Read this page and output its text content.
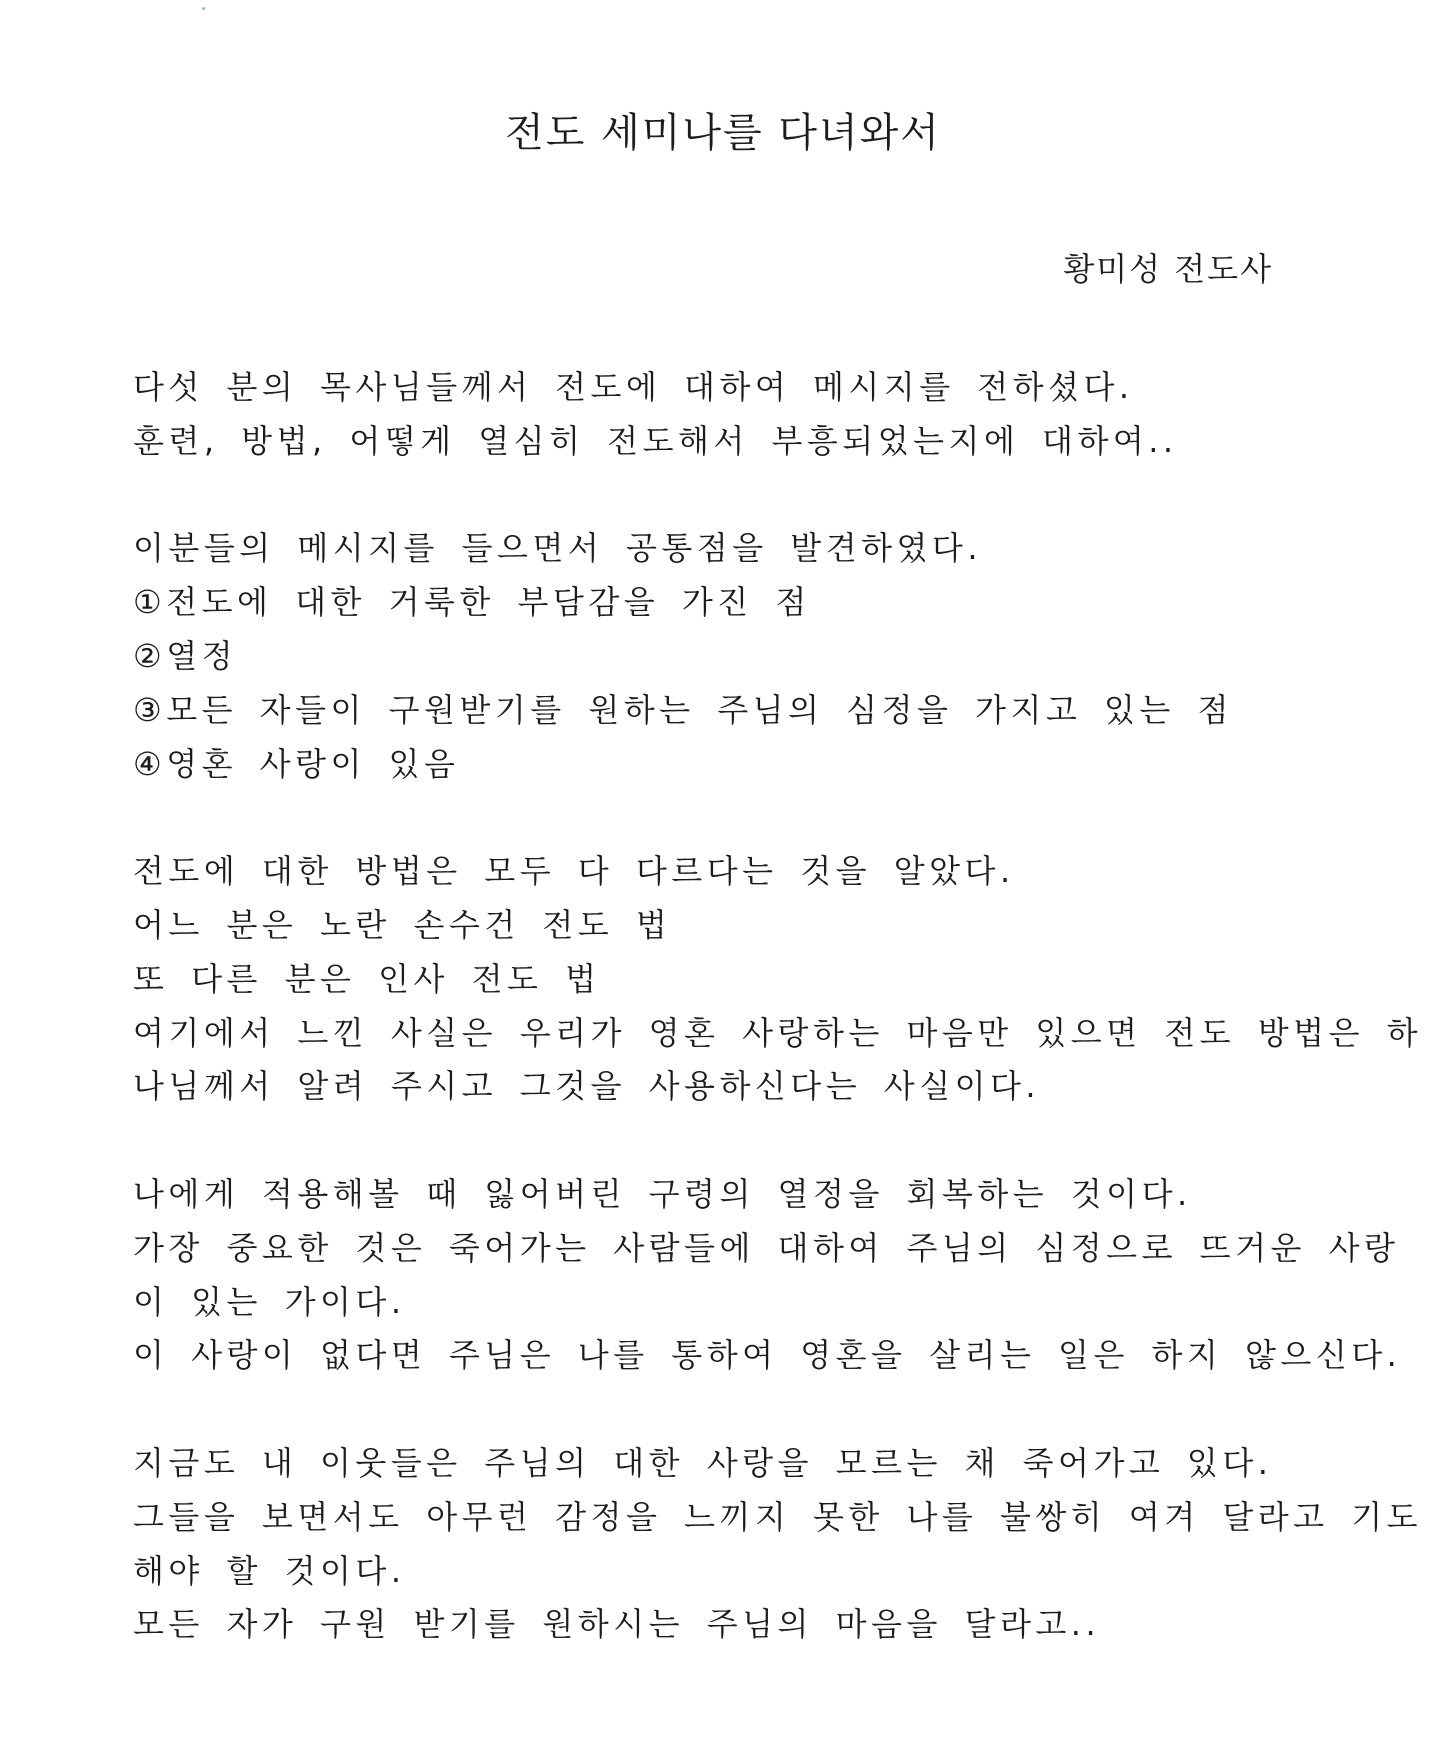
전도 세미나를 다녀와서

황미성 전도사

다섯 분의 목사님들께서 전도에 대하여 메시지를 전하셨다.

훈련, 방법, 어떻게 열심히 전도해서 부흥되었는지에 대하여..

이분들의 메시지를 들으면서 공통점을 발견하였다.

①전도에 대한 거룩한 부담감을 가진 점

②열정

③모든 자들이 구원받기를 원하는 주님의 심정을 가지고 있는 점

④영혼 사랑이 있음

전도에 대한 방법은 모두 다 다르다는 것을 알았다.

어느 분은 노란 손수건 전도 법

또 다른 분은 인사 전도 법

여기에서 느낀 사실은 우리가 영혼 사랑하는 마음만 있으면 전도 방법은 하

나님께서 알려 주시고 그것을 사용하신다는 사실이다.

나에게 적용해볼 때 잃어버린 구령의 열정을 회복하는 것이다.

가장 중요한 것은 죽어가는 사람들에 대하여 주님의 심정으로 뜨거운 사랑

이 있는 가이다.

이 사랑이 없다면 주님은 나를 통하여 영혼을 살리는 일은 하지 않으신다.

지금도 내 이웃들은 주님의 대한 사랑을 모르는 채 죽어가고 있다.

그들을 보면서도 아무런 감정을 느끼지 못한 나를 불쌍히 여겨 달라고 기도

해야 할 것이다.

모든 자가 구원 받기를 원하시는 주님의 마음을 달라고..
